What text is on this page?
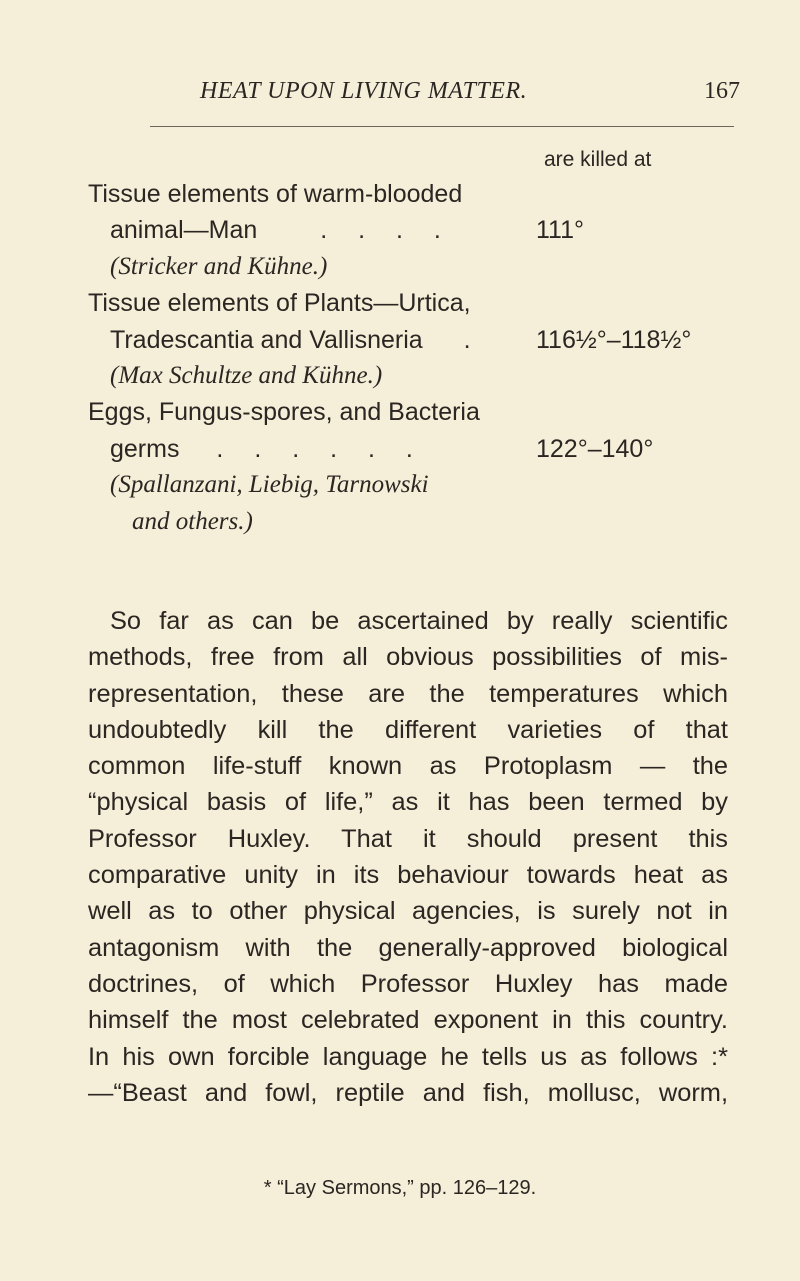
HEAT UPON LIVING MATTER.	167
are killed at
Tissue elements of warm-blooded
animal—Man	. . . .	111°
(Stricker and Kühne.)
Tissue elements of Plants—Urtica,
Tradescantia and Vallisneria . 116½°–118½°
(Max Schultze and Kühne.)
Eggs, Fungus-spores, and Bacteria
germs . . . . . .	122°–140°
(Spallanzani, Liebig, Tarnowski
and others.)

So far as can be ascertained by really scientific
methods, free from all obvious possibilities of mis-
representation, these are the temperatures which
undoubtedly kill the different varieties of that
common life-stuff known as Protoplasm — the
“physical basis of life,” as it has been termed by
Professor Huxley. That it should present this
comparative unity in its behaviour towards heat as
well as to other physical agencies, is surely not in
antagonism with the generally-approved biological
doctrines, of which Professor Huxley has made
himself the most celebrated exponent in this country.
In his own forcible language he tells us as follows :*
—“Beast and fowl, reptile and fish, mollusc, worm,

* “Lay Sermons,” pp. 126–129.
